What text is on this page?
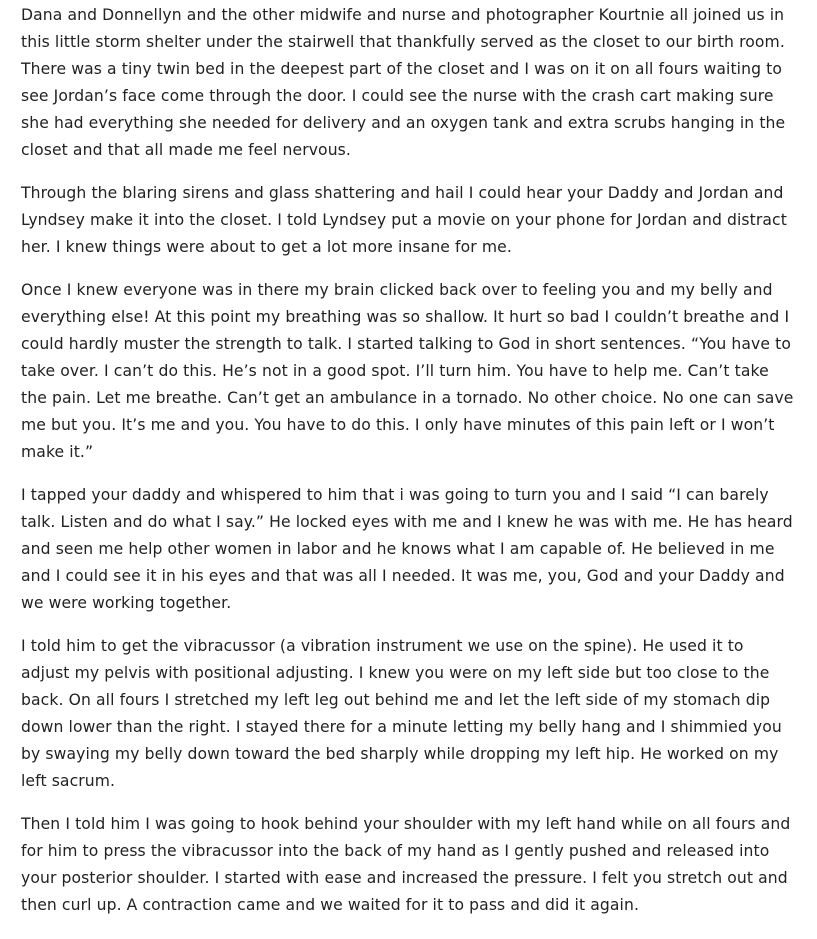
Dana and Donnellyn and the other midwife and nurse and photographer Kourtnie all joined us in this little storm shelter under the stairwell that thankfully served as the closet to our birth room. There was a tiny twin bed in the deepest part of the closet and I was on it on all fours waiting to see Jordan’s face come through the door. I could see the nurse with the crash cart making sure she had everything she needed for delivery and an oxygen tank and extra scrubs hanging in the closet and that all made me feel nervous.

Through the blaring sirens and glass shattering and hail I could hear your Daddy and Jordan and Lyndsey make it into the closet. I told Lyndsey put a movie on your phone for Jordan and distract her. I knew things were about to get a lot more insane for me.

Once I knew everyone was in there my brain clicked back over to feeling you and my belly and everything else! At this point my breathing was so shallow. It hurt so bad I couldn’t breathe and I could hardly muster the strength to talk. I started talking to God in short sentences. “You have to take over. I can’t do this. He’s not in a good spot. I’ll turn him. You have to help me. Can’t take the pain. Let me breathe. Can’t get an ambulance in a tornado. No other choice. No one can save me but you. It’s me and you. You have to do this. I only have minutes of this pain left or I won’t make it.”

I tapped your daddy and whispered to him that i was going to turn you and I said “I can barely talk. Listen and do what I say.” He locked eyes with me and I knew he was with me. He has heard and seen me help other women in labor and he knows what I am capable of. He believed in me and I could see it in his eyes and that was all I needed. It was me, you, God and your Daddy and we were working together.

I told him to get the vibracussor (a vibration instrument we use on the spine). He used it to adjust my pelvis with positional adjusting. I knew you were on my left side but too close to the back. On all fours I stretched my left leg out behind me and let the left side of my stomach dip down lower than the right. I stayed there for a minute letting my belly hang and I shimmied you by swaying my belly down toward the bed sharply while dropping my left hip. He worked on my left sacrum.

Then I told him I was going to hook behind your shoulder with my left hand while on all fours and for him to press the vibracussor into the back of my hand as I gently pushed and released into your posterior shoulder. I started with ease and increased the pressure. I felt you stretch out and then curl up. A contraction came and we waited for it to pass and did it again.
